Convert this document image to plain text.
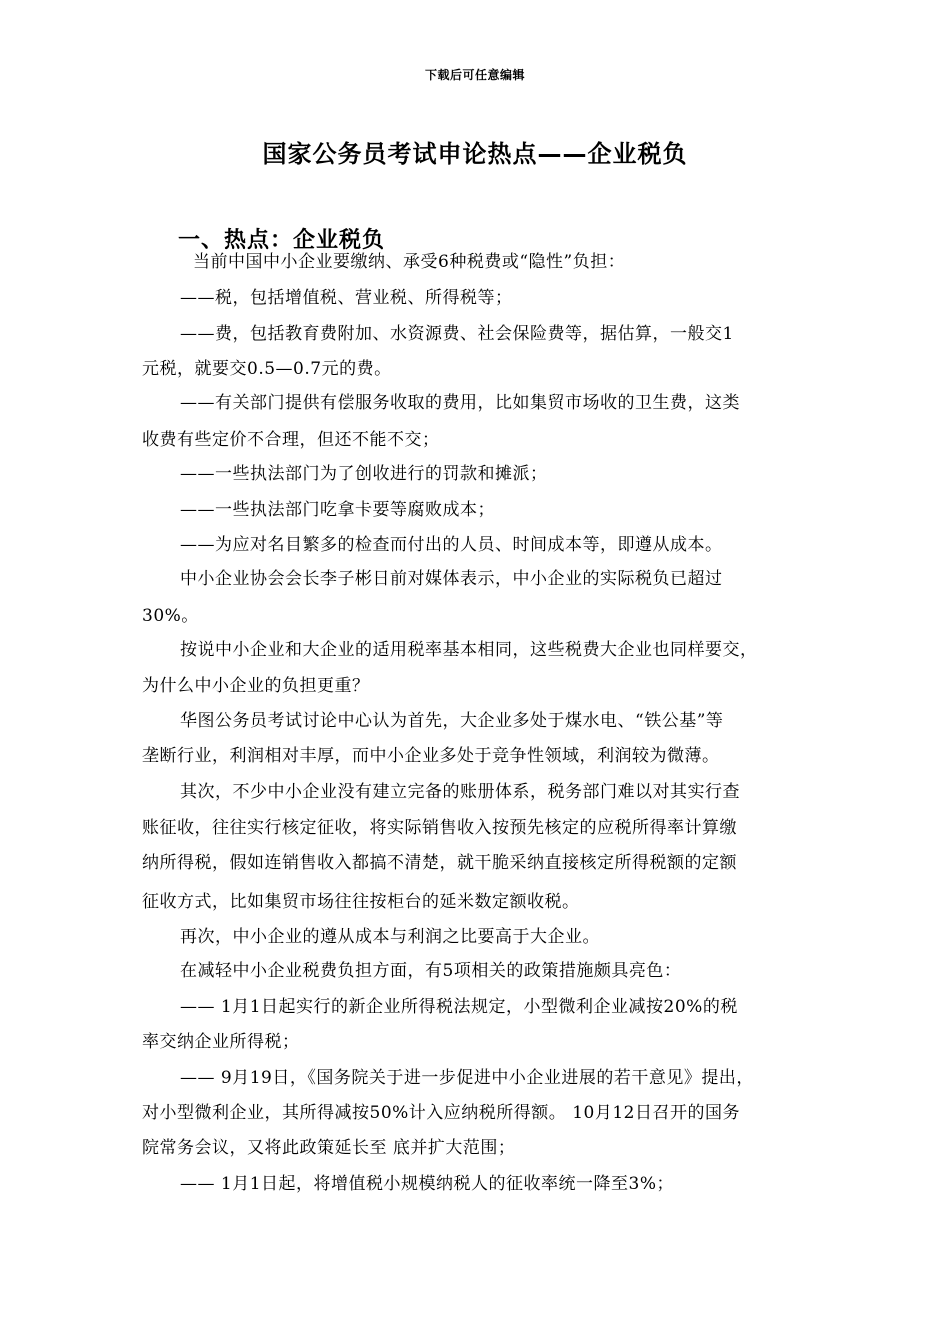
下载后可任意编辑
国家公务员考试申论热点——企业税负
一、热点：企业税负
当前中国中小企业要缴纳、承受6种税费或“隐性”负担：
——税，包括增值税、营业税、所得税等；
——费，包括教育费附加、水资源费、社会保险费等，据估算，一般交1
元税，就要交0.5—0.7元的费。
——有关部门提供有偿服务收取的费用，比如集贸市场收的卫生费，这类
收费有些定价不合理，但还不能不交；
——一些执法部门为了创收进行的罚款和摊派；
——一些执法部门吃拿卡要等腐败成本；
——为应对名目繁多的检查而付出的人员、时间成本等，即遵从成本。
中小企业协会会长李子彬日前对媒体表示，中小企业的实际税负已超过
30%。
按说中小企业和大企业的适用税率基本相同，这些税费大企业也同样要交，
为什么中小企业的负担更重？
华图公务员考试讨论中心认为首先，大企业多处于煤水电、“铁公基”等
垄断行业，利润相对丰厚，而中小企业多处于竞争性领域，利润较为微薄。
其次，不少中小企业没有建立完备的账册体系，税务部门难以对其实行查
账征收，往往实行核定征收，将实际销售收入按预先核定的应税所得率计算缴
纳所得税，假如连销售收入都搞不清楚，就干脆采纳直接核定所得税额的定额
征收方式，比如集贸市场往往按柜台的延米数定额收税。
再次，中小企业的遵从成本与利润之比要高于大企业。
在减轻中小企业税费负担方面，有5项相关的政策措施颇具亮色：
—— 1月1日起实行的新企业所得税法规定，小型微利企业减按20%的税
率交纳企业所得税；
—— 9月19日，《国务院关于进一步促进中小企业进展的若干意见》提出，
对小型微利企业，其所得减按50%计入应纳税所得额。 10月12日召开的国务
院常务会议，又将此政策延长至 底并扩大范围；
—— 1月1日起，将增值税小规模纳税人的征收率统一降至3%；
